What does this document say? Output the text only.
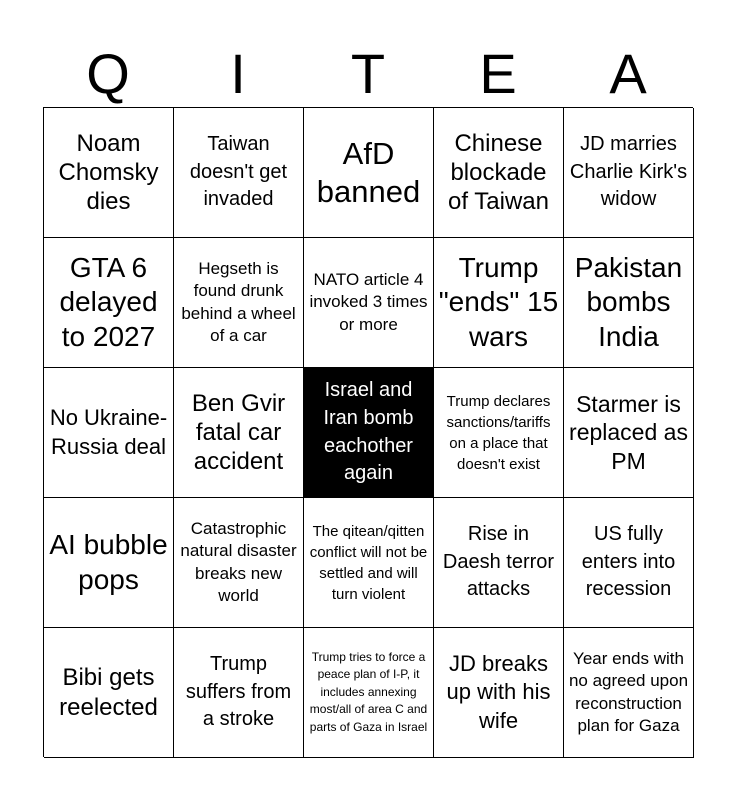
Q	I	T	E	A
Noam Chomsky dies
Taiwan doesn't get invaded
AfD banned
Chinese blockade of Taiwan
JD marries Charlie Kirk's widow
GTA 6 delayed to 2027
Hegseth is found drunk behind a wheel of a car
NATO article 4 invoked 3 times or more
Trump "ends" 15 wars
Pakistan bombs India
No Ukraine-Russia deal
Ben Gvir fatal car accident
Israel and Iran bomb eachother again
Trump declares sanctions/tariffs on a place that doesn't exist
Starmer is replaced as PM
AI bubble pops
Catastrophic natural disaster breaks new world
The qitean/qitten conflict will not be settled and will turn violent
Rise in Daesh terror attacks
US fully enters into recession
Bibi gets reelected
Trump suffers from a stroke
Trump tries to force a peace plan of I-P, it includes annexing most/all of area C and parts of Gaza in Israel
JD breaks up with his wife
Year ends with no agreed upon reconstruction plan for Gaza
